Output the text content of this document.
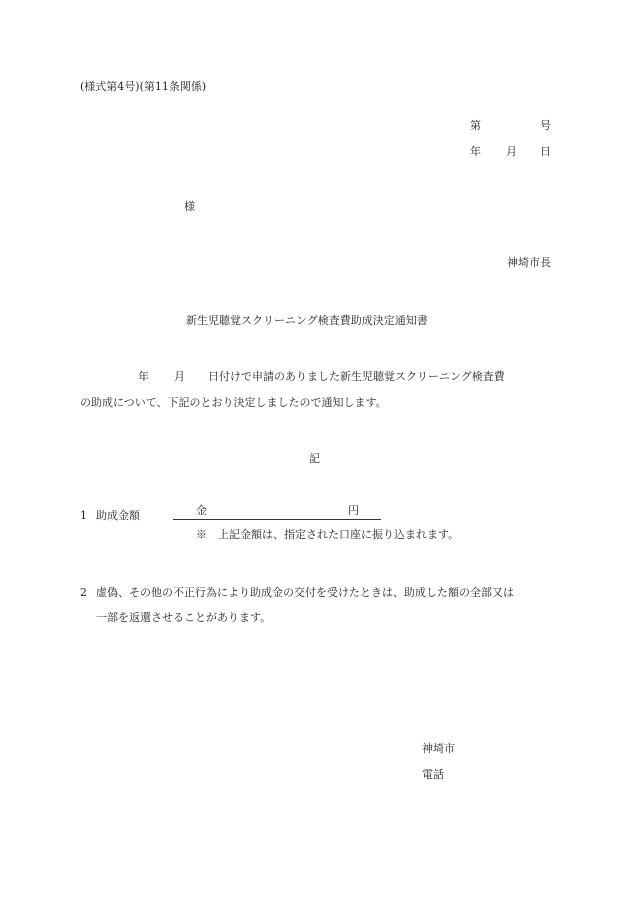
(様式第4号)(第11条関係)
第	号
年 月 日
様
神埼市長
新生児聴覚スクリーニング検査費助成決定通知書
年 月 日付けで申請のありました新生児聴覚スクリーニング検査費
の助成について、下記のとおり決定しましたので通知します。
記
1 助成金額	金	円
※　上記金額は、指定された口座に振り込まれます。
2 虚偽、その他の不正行為により助成金の交付を受けたときは、助成した額の全部又は
一部を返還させることがあります。
神埼市
電話
